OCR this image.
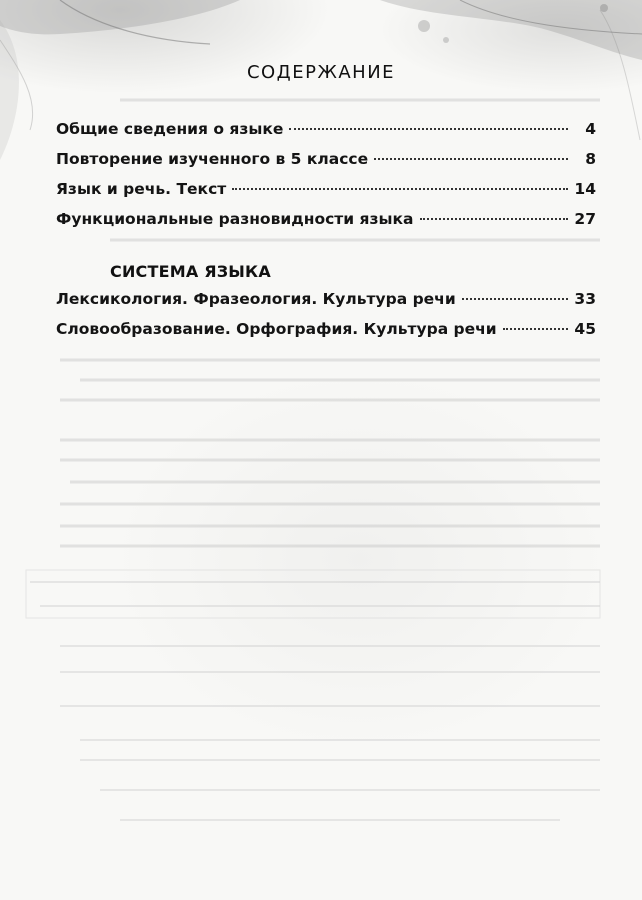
СОДЕРЖАНИЕ
Общие сведения о языке	4
Повторение изученного в 5 классе	8
Язык и речь. Текст	14
Функциональные разновидности языка	27
СИСТЕМА ЯЗЫКА
Лексикология. Фразеология. Культура речи	33
Словообразование. Орфография. Культура речи	45
